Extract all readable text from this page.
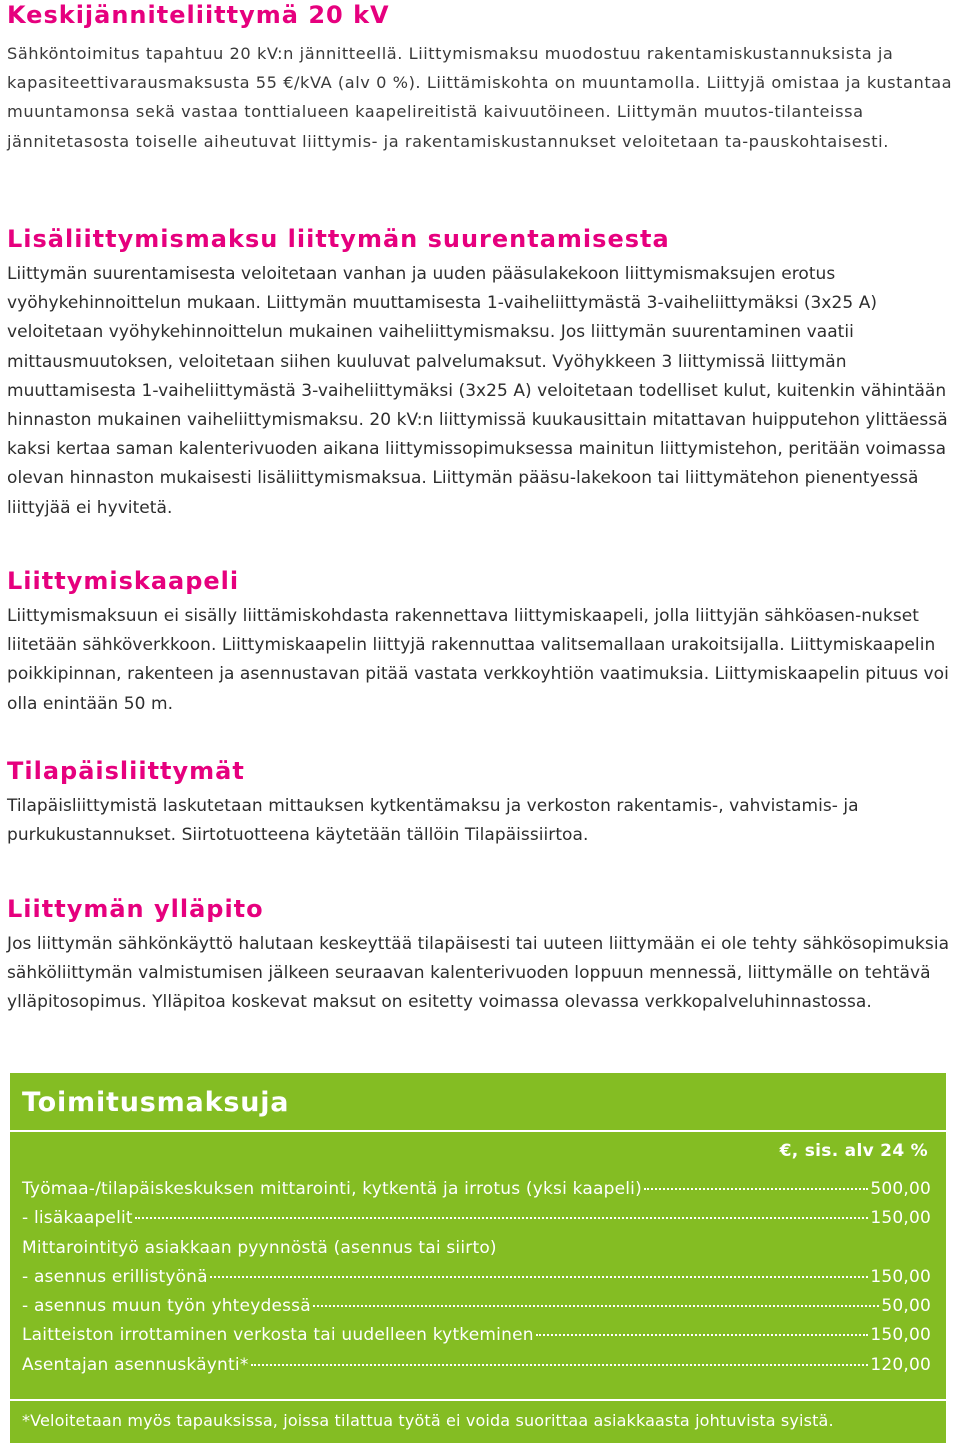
Keskijänniteliittymä 20 kV

Sähköntoimitus tapahtuu 20 kV:n jännitteellä. Liittymismaksu muodostuu rakentamiskustannuksista ja kapasiteettivarausmaksusta 55 €/kVA (alv 0 %). Liittämiskohta on muuntamolla. Liittyjä omistaa ja kustantaa muuntamonsa sekä vastaa tonttialueen kaapelireitistä kaivuutöineen. Liittymän muutos-tilanteissa jännitetasosta toiselle aiheutuvat liittymis- ja rakentamiskustannukset veloitetaan ta-pauskohtaisesti.

Lisäliittymismaksu liittymän suurentamisesta

Liittymän suurentamisesta veloitetaan vanhan ja uuden pääsulakekoon liittymismaksujen erotus vyöhykehinnoittelun mukaan. Liittymän muuttamisesta 1-vaiheliittymästä 3-vaiheliittymäksi (3x25 A) veloitetaan vyöhykehinnoittelun mukainen vaiheliittymismaksu. Jos liittymän suurentaminen vaatii mittausmuutoksen, veloitetaan siihen kuuluvat palvelumaksut. Vyöhykkeen 3 liittymissä liittymän muuttamisesta 1-vaiheliittymästä 3-vaiheliittymäksi (3x25 A) veloitetaan todelliset kulut, kuitenkin vähintään hinnaston mukainen vaiheliittymismaksu. 20 kV:n liittymissä kuukausittain mitattavan huipputehon ylittäessä kaksi kertaa saman kalenterivuoden aikana liittymissopimuksessa mainitun liittymistehon, peritään voimassa olevan hinnaston mukaisesti lisäliittymismaksua. Liittymän pääsu-lakekoon tai liittymätehon pienentyessä liittyjää ei hyvitetä.

Liittymiskaapeli

Liittymismaksuun ei sisälly liittämiskohdasta rakennettava liittymiskaapeli, jolla liittyjän sähköasen-nukset liitetään sähköverkkoon. Liittymiskaapelin liittyjä rakennuttaa valitsemallaan urakoitsijalla. Liittymiskaapelin poikkipinnan, rakenteen ja asennustavan pitää vastata verkkoyhtiön vaatimuksia. Liittymiskaapelin pituus voi olla enintään 50 m.

Tilapäisliittymät

Tilapäisliittymistä laskutetaan mittauksen kytkentämaksu ja verkoston rakentamis-, vahvistamis- ja purkukustannukset. Siirtotuotteena käytetään tällöin Tilapäissiirtoa.

Liittymän ylläpito

Jos liittymän sähkönkäyttö halutaan keskeyttää tilapäisesti tai uuteen liittymään ei ole tehty sähkösopimuksia sähköliittymän valmistumisen jälkeen seuraavan kalenterivuoden loppuun mennessä, liittymälle on tehtävä ylläpitosopimus. Ylläpitoa koskevat maksut on esitetty voimassa olevassa verkkopalveluhinnastossa.

Toimitusmaksuja
€, sis. alv 24 %
Työmaa-/tilapäiskeskuksen mittarointi, kytkentä ja irrotus (yksi kaapeli)	500,00
- lisäkaapelit	150,00
Mittarointityö asiakkaan pyynnöstä (asennus tai siirto)
- asennus erillistyönä	150,00
- asennus muun työn yhteydessä	50,00
Laitteiston irrottaminen verkosta tai uudelleen kytkeminen	150,00
Asentajan asennuskäynti*	120,00
*Veloitetaan myös tapauksissa, joissa tilattua työtä ei voida suorittaa asiakkaasta johtuvista syistä.
